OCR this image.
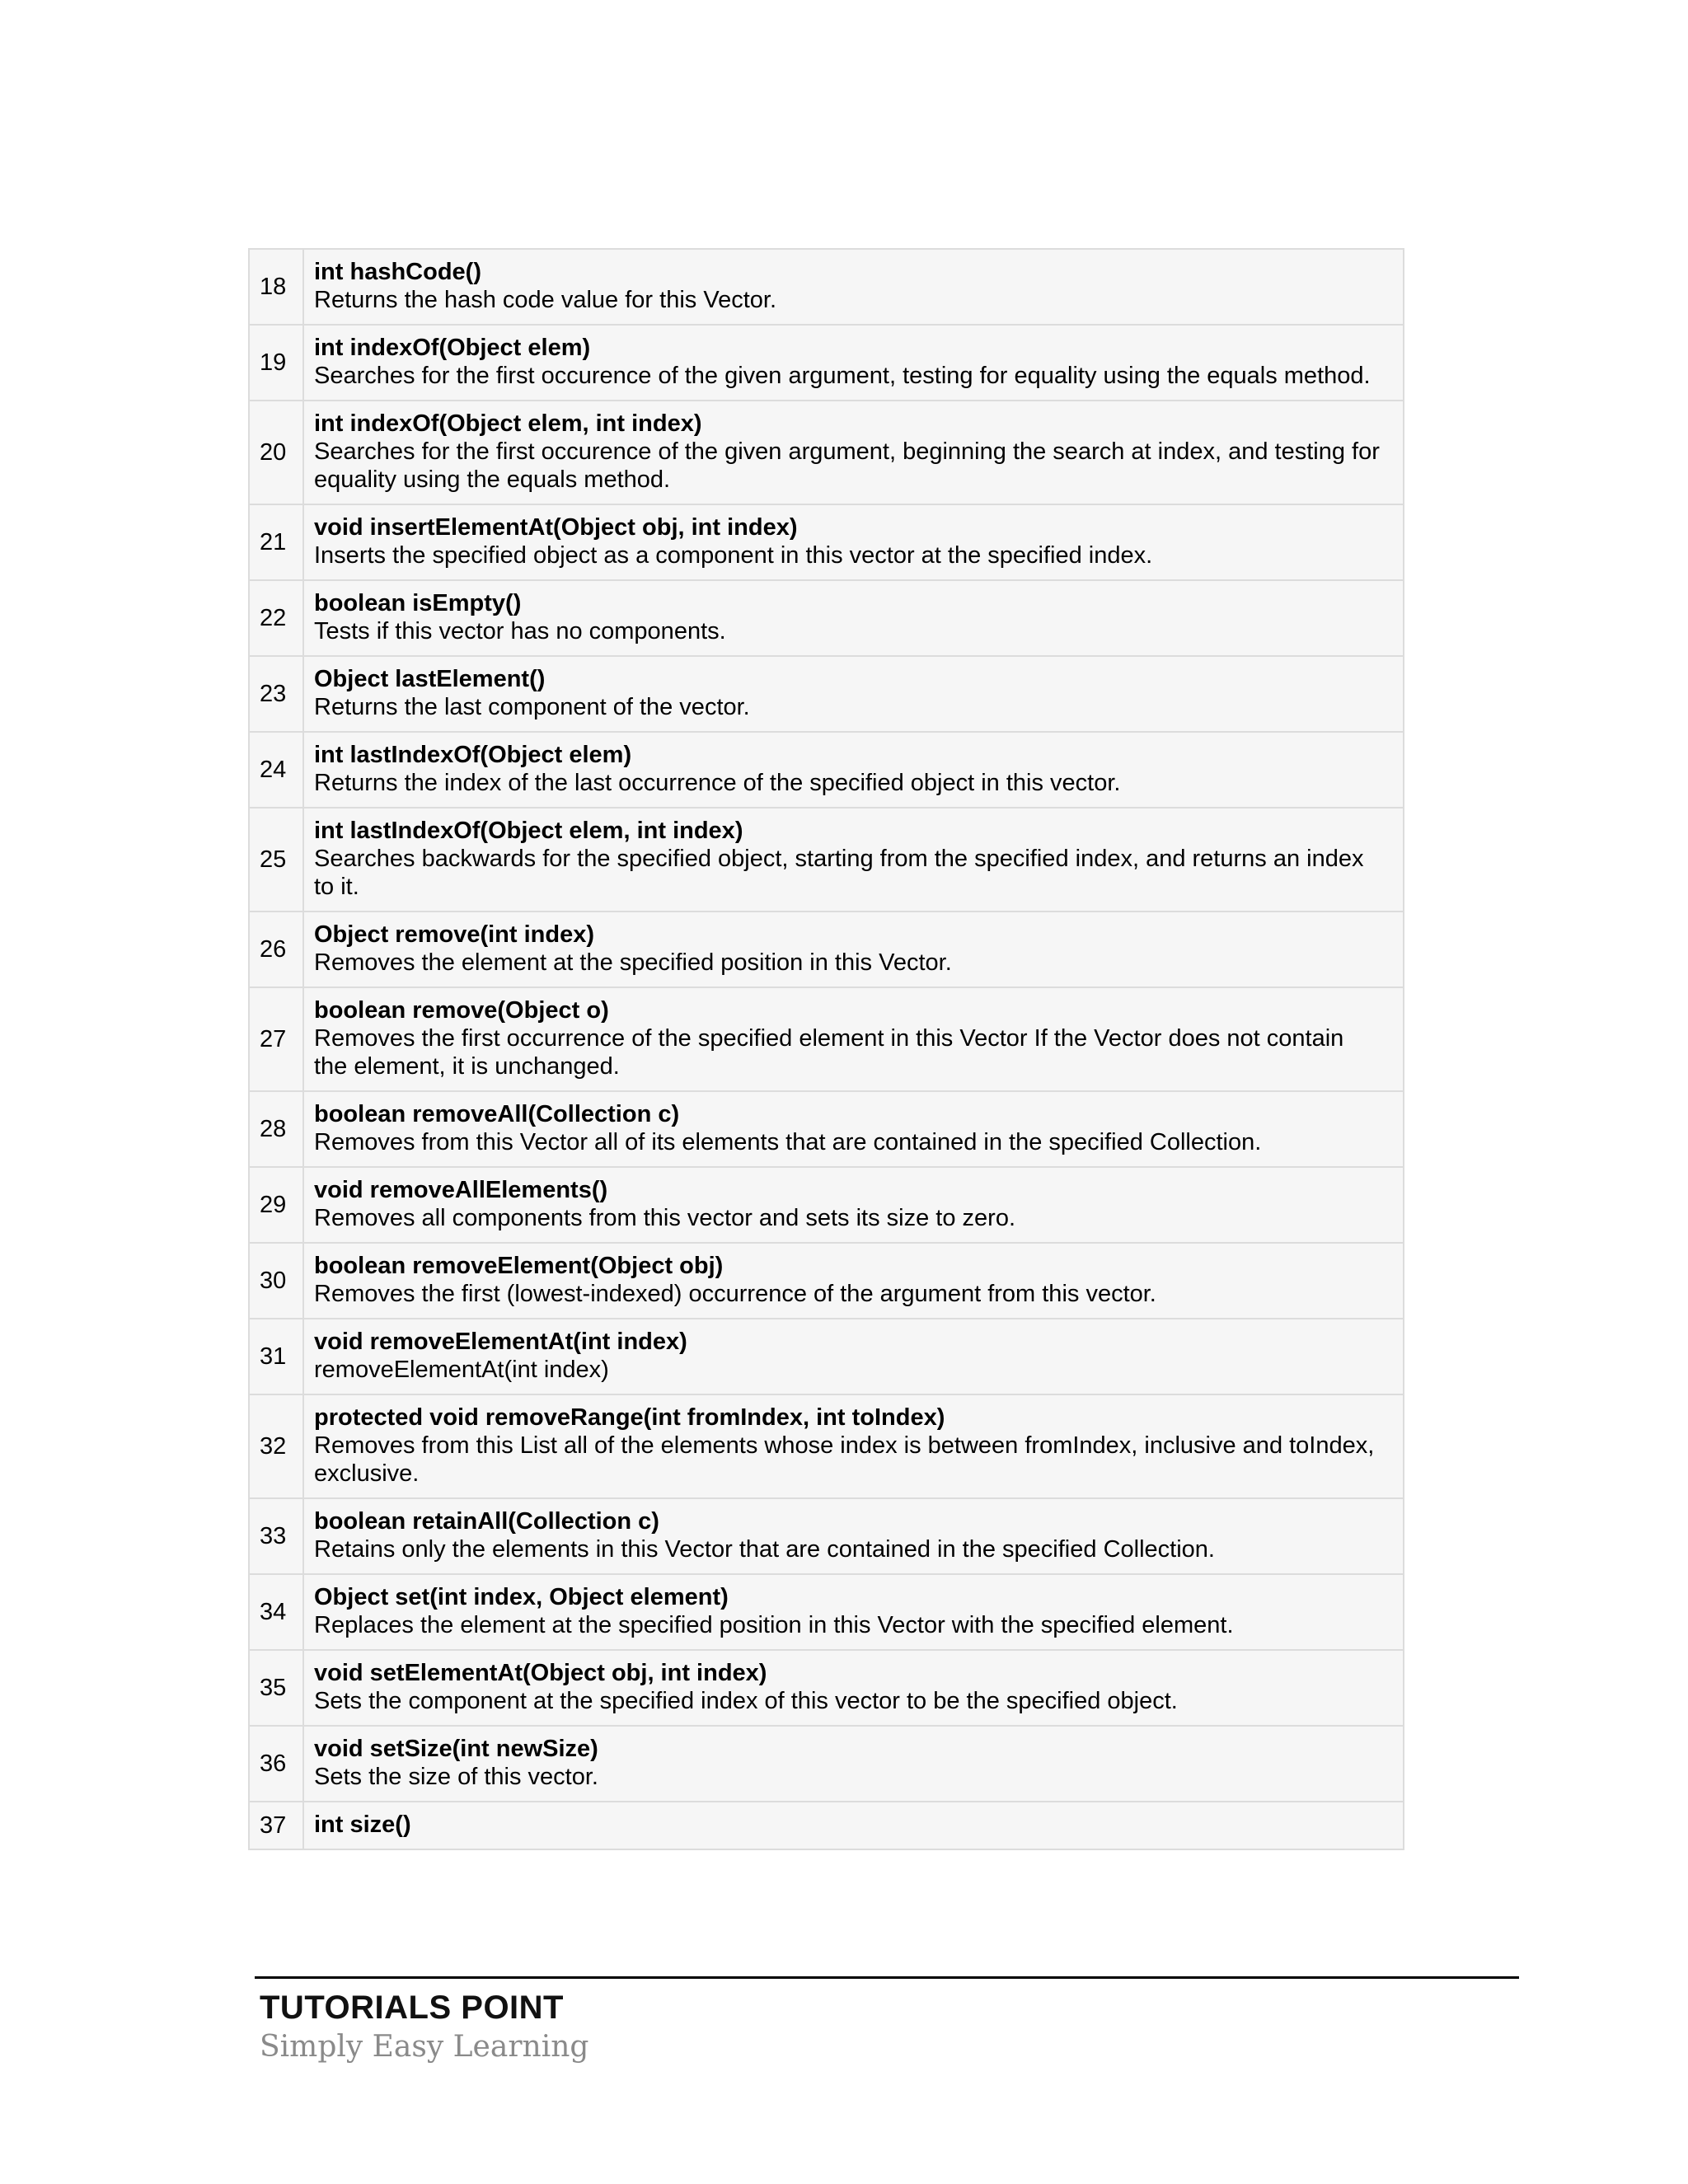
18	int hashCode()
Returns the hash code value for this Vector.

19	int indexOf(Object elem)
Searches for the first occurence of the given argument, testing for equality using the equals method.

20	int indexOf(Object elem, int index)
Searches for the first occurence of the given argument, beginning the search at index, and testing for equality using the equals method.

21	void insertElementAt(Object obj, int index)
Inserts the specified object as a component in this vector at the specified index.

22	boolean isEmpty()
Tests if this vector has no components.

23	Object lastElement()
Returns the last component of the vector.

24	int lastIndexOf(Object elem)
Returns the index of the last occurrence of the specified object in this vector.

25	int lastIndexOf(Object elem, int index)
Searches backwards for the specified object, starting from the specified index, and returns an index to it.

26	Object remove(int index)
Removes the element at the specified position in this Vector.

27	boolean remove(Object o)
Removes the first occurrence of the specified element in this Vector If the Vector does not contain the element, it is unchanged.

28	boolean removeAll(Collection c)
Removes from this Vector all of its elements that are contained in the specified Collection.

29	void removeAllElements()
Removes all components from this vector and sets its size to zero.

30	boolean removeElement(Object obj)
Removes the first (lowest-indexed) occurrence of the argument from this vector.

31	void removeElementAt(int index)
removeElementAt(int index)

32	protected void removeRange(int fromIndex, int toIndex)
Removes from this List all of the elements whose index is between fromIndex, inclusive and toIndex, exclusive.

33	boolean retainAll(Collection c)
Retains only the elements in this Vector that are contained in the specified Collection.

34	Object set(int index, Object element)
Replaces the element at the specified position in this Vector with the specified element.

35	void setElementAt(Object obj, int index)
Sets the component at the specified index of this vector to be the specified object.

36	void setSize(int newSize)
Sets the size of this vector.

37	int size()
TUTORIALS POINT
Simply Easy Learning
